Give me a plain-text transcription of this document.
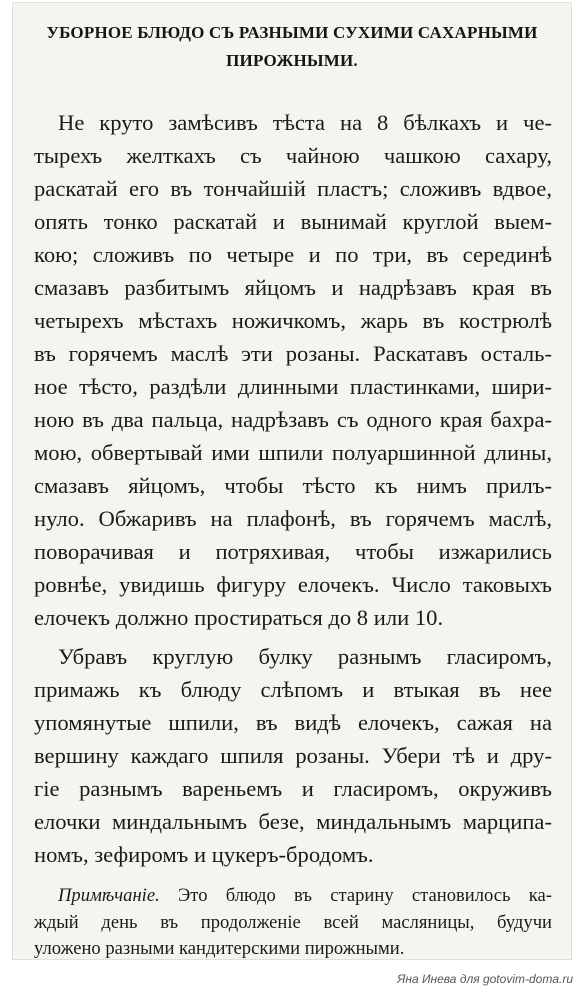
УБОРНОЕ БЛЮДО СЪ РАЗНЫМИ СУХИМИ САХАРНЫМИ
ПИРОЖНЫМИ.
Не круто замѣсивъ тѣста на 8 бѣлкахъ и че-
тырехъ желткахъ съ чайною чашкою сахару,
раскатай его въ тончайшій пластъ; сложивъ вдвое,
опять тонко раскатай и вынимай круглой выем-
кою; сложивъ по четыре и по три, въ серединѣ
смазавъ разбитымъ яйцомъ и надрѣзавъ края въ
четырехъ мѣстахъ ножичкомъ, жарь въ кострюлѣ
въ горячемъ маслѣ эти розаны. Раскатавъ осталь-
ное тѣсто, раздѣли длинными пластинками, шири-
ною въ два пальца, надрѣзавъ съ одного края бахра-
мою, обвертывай ими шпили полуаршинной длины,
смазавъ яйцомъ, чтобы тѣсто къ нимъ прилъ-
нуло. Обжаривъ на плафонѣ, въ горячемъ маслѣ,
поворачивая и потряхивая, чтобы изжарились
ровнѣе, увидишь фигуру елочекъ. Число таковыхъ
елочекъ должно простираться до 8 или 10.
Убравъ круглую булку разнымъ гласиромъ,
примажь къ блюду слѣпомъ и втыкая въ нее
упомянутые шпили, въ видѣ елочекъ, сажая на
вершину каждаго шпиля розаны. Убери тѣ и дру-
гіе разнымъ вареньемъ и гласиромъ, окруживъ
елочки миндальнымъ безе, миндальнымъ марципа-
номъ, зефиромъ и цукеръ-бродомъ.
Примѣчаніе. Это блюдо въ старину становилось ка-
ждый день въ продолженіе всей масляницы, будучи
уложено разными кандитерскими пирожными.
Яна Инева для gotovim-doma.ru
